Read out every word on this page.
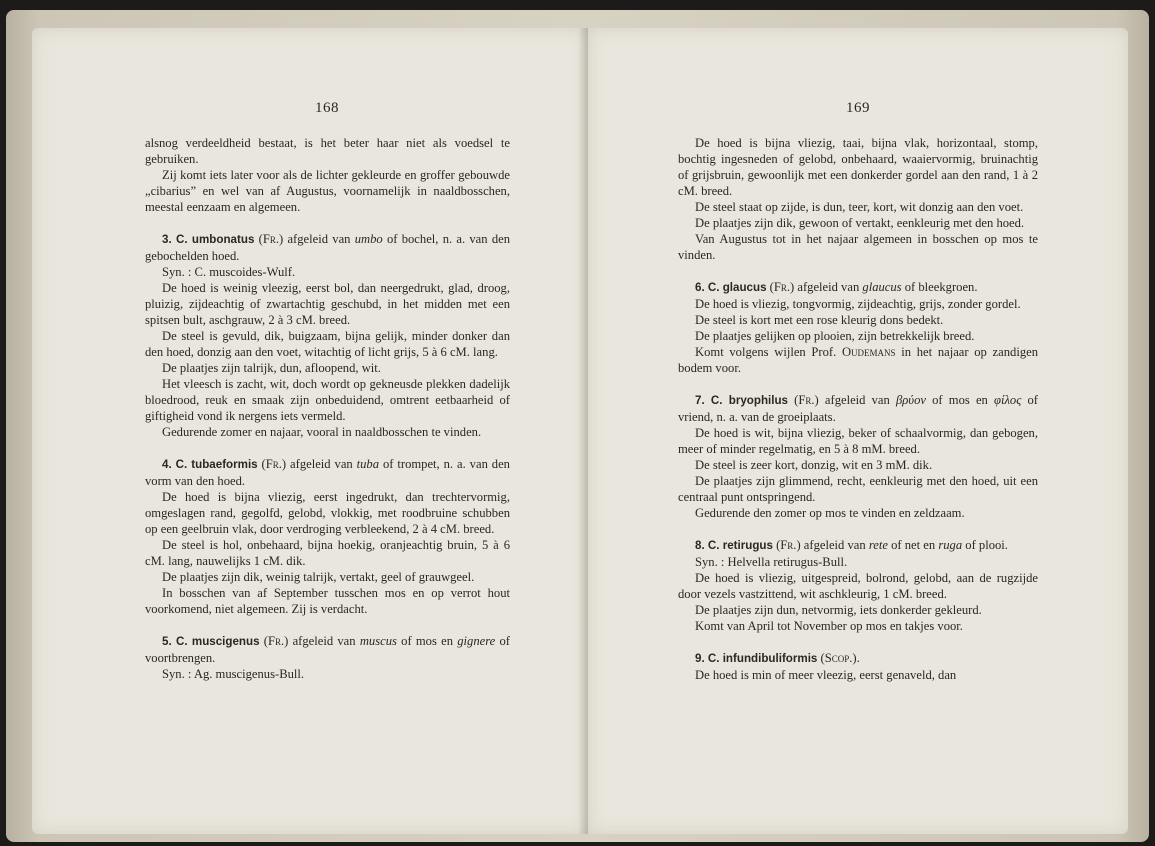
168

alsnog verdeeldheid bestaat, is het beter haar niet als voedsel te gebruiken.

Zij komt iets later voor als de lichter gekleurde en groffer gebouwde „cibarius” en wel van af Augustus, voornamelijk in naaldbosschen, meestal eenzaam en algemeen.

3. C. umbonatus (Fr.) afgeleid van umbo of bochel, n. a. van den gebochelden hoed.

Syn. : C. muscoides-Wulf.

De hoed is weinig vleezig, eerst bol, dan neergedrukt, glad, droog, pluizig, zijdeachtig of zwartachtig geschubd, in het midden met een spitsen bult, aschgrauw, 2 à 3 cM. breed.

De steel is gevuld, dik, buigzaam, bijna gelijk, minder donker dan den hoed, donzig aan den voet, witachtig of licht grijs, 5 à 6 cM. lang.

De plaatjes zijn talrijk, dun, afloopend, wit.

Het vleesch is zacht, wit, doch wordt op gekneusde plekken dadelijk bloedrood, reuk en smaak zijn onbeduidend, omtrent eetbaarheid of giftigheid vond ik nergens iets vermeld.

Gedurende zomer en najaar, vooral in naaldbosschen te vinden.

4. C. tubaeformis (Fr.) afgeleid van tuba of trompet, n. a. van den vorm van den hoed.

De hoed is bijna vliezig, eerst ingedrukt, dan trechtervormig, omgeslagen rand, gegolfd, gelobd, vlokkig, met roodbruine schubben op een geelbruin vlak, door verdroging verbleekend, 2 à 4 cM. breed.

De steel is hol, onbehaard, bijna hoekig, oranjeachtig bruin, 5 à 6 cM. lang, nauwelijks 1 cM. dik.

De plaatjes zijn dik, weinig talrijk, vertakt, geel of grauwgeel.

In bosschen van af September tusschen mos en op verrot hout voorkomend, niet algemeen. Zij is verdacht.

5. C. muscigenus (Fr.) afgeleid van muscus of mos en gignere of voortbrengen.

Syn. : Ag. muscigenus-Bull.

169

De hoed is bijna vliezig, taai, bijna vlak, horizontaal, stomp, bochtig ingesneden of gelobd, onbehaard, waaiervormig, bruinachtig of grijsbruin, gewoonlijk met een donkerder gordel aan den rand, 1 à 2 cM. breed.

De steel staat op zijde, is dun, teer, kort, wit donzig aan den voet.

De plaatjes zijn dik, gewoon of vertakt, eenkleurig met den hoed.

Van Augustus tot in het najaar algemeen in bosschen op mos te vinden.

6. C. glaucus (Fr.) afgeleid van glaucus of bleekgroen.

De hoed is vliezig, tongvormig, zijdeachtig, grijs, zonder gordel.

De steel is kort met een rose kleurig dons bedekt.

De plaatjes gelijken op plooien, zijn betrekkelijk breed.

Komt volgens wijlen Prof. Oudemans in het najaar op zandigen bodem voor.

7. C. bryophilus (Fr.) afgeleid van βρύον of mos en φίλος of vriend, n. a. van de groeiplaats.

De hoed is wit, bijna vliezig, beker of schaalvormig, dan gebogen, meer of minder regelmatig, en 5 à 8 mM. breed.

De steel is zeer kort, donzig, wit en 3 mM. dik.

De plaatjes zijn glimmend, recht, eenkleurig met den hoed, uit een centraal punt ontspringend.

Gedurende den zomer op mos te vinden en zeldzaam.

8. C. retirugus (Fr.) afgeleid van rete of net en ruga of plooi.

Syn. : Helvella retirugus-Bull.

De hoed is vliezig, uitgespreid, bolrond, gelobd, aan de rugzijde door vezels vastzittend, wit aschkleurig, 1 cM. breed.

De plaatjes zijn dun, netvormig, iets donkerder gekleurd.

Komt van April tot November op mos en takjes voor.

9. C. infundibuliformis (Scop.).

De hoed is min of meer vleezig, eerst genaveld, dan
